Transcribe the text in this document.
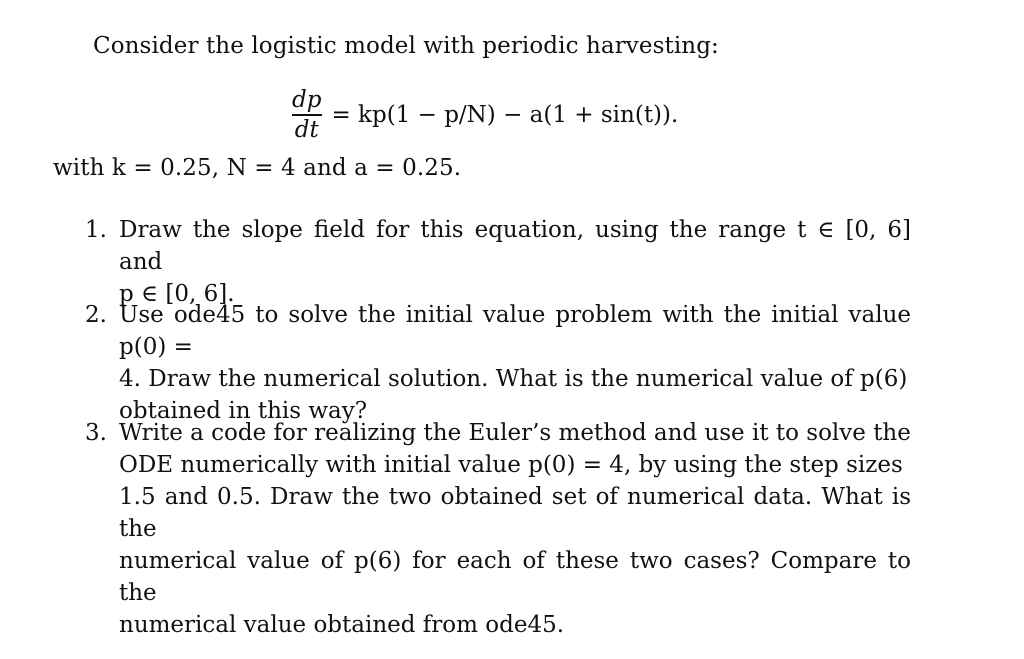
Consider the logistic model with periodic harvesting:
$\frac{dp}{dt} = kp(1 - p/N) - a(1 + \sin(t))$.
with k = 0.25, N = 4 and a = 0.25.
1. Draw the slope field for this equation, using the range t ∈ [0, 6] and
p ∈ [0, 6].
2. Use ode45 to solve the initial value problem with the initial value p(0) =
4. Draw the numerical solution. What is the numerical value of p(6)
obtained in this way?
3. Write a code for realizing the Euler’s method and use it to solve the
ODE numerically with initial value p(0) = 4, by using the step sizes
1.5 and 0.5. Draw the two obtained set of numerical data. What is the
numerical value of p(6) for each of these two cases? Compare to the
numerical value obtained from ode45.
